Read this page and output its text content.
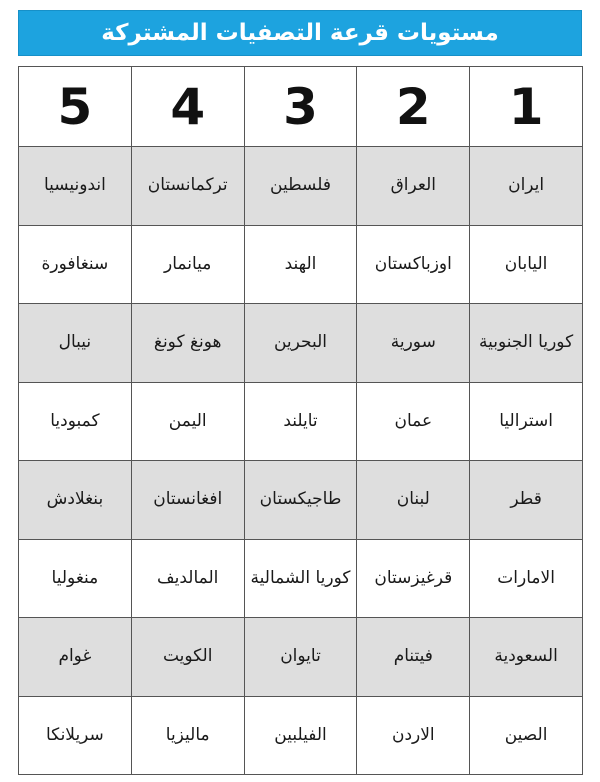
مستويات قرعة التصفيات المشتركة
1	2	3	4	5
ايران	العراق	فلسطين	تركمانستان	اندونيسيا
اليابان	اوزباكستان	الهند	ميانمار	سنغافورة
كوريا الجنوبية	سورية	البحرين	هونغ كونغ	نيبال
استراليا	عمان	تايلند	اليمن	كمبوديا
قطر	لبنان	طاجيكستان	افغانستان	بنغلادش
الامارات	قرغيزستان	كوريا الشمالية	المالديف	منغوليا
السعودية	فيتنام	تايوان	الكويت	غوام
الصين	الاردن	الفيلبين	ماليزيا	سريلانكا
